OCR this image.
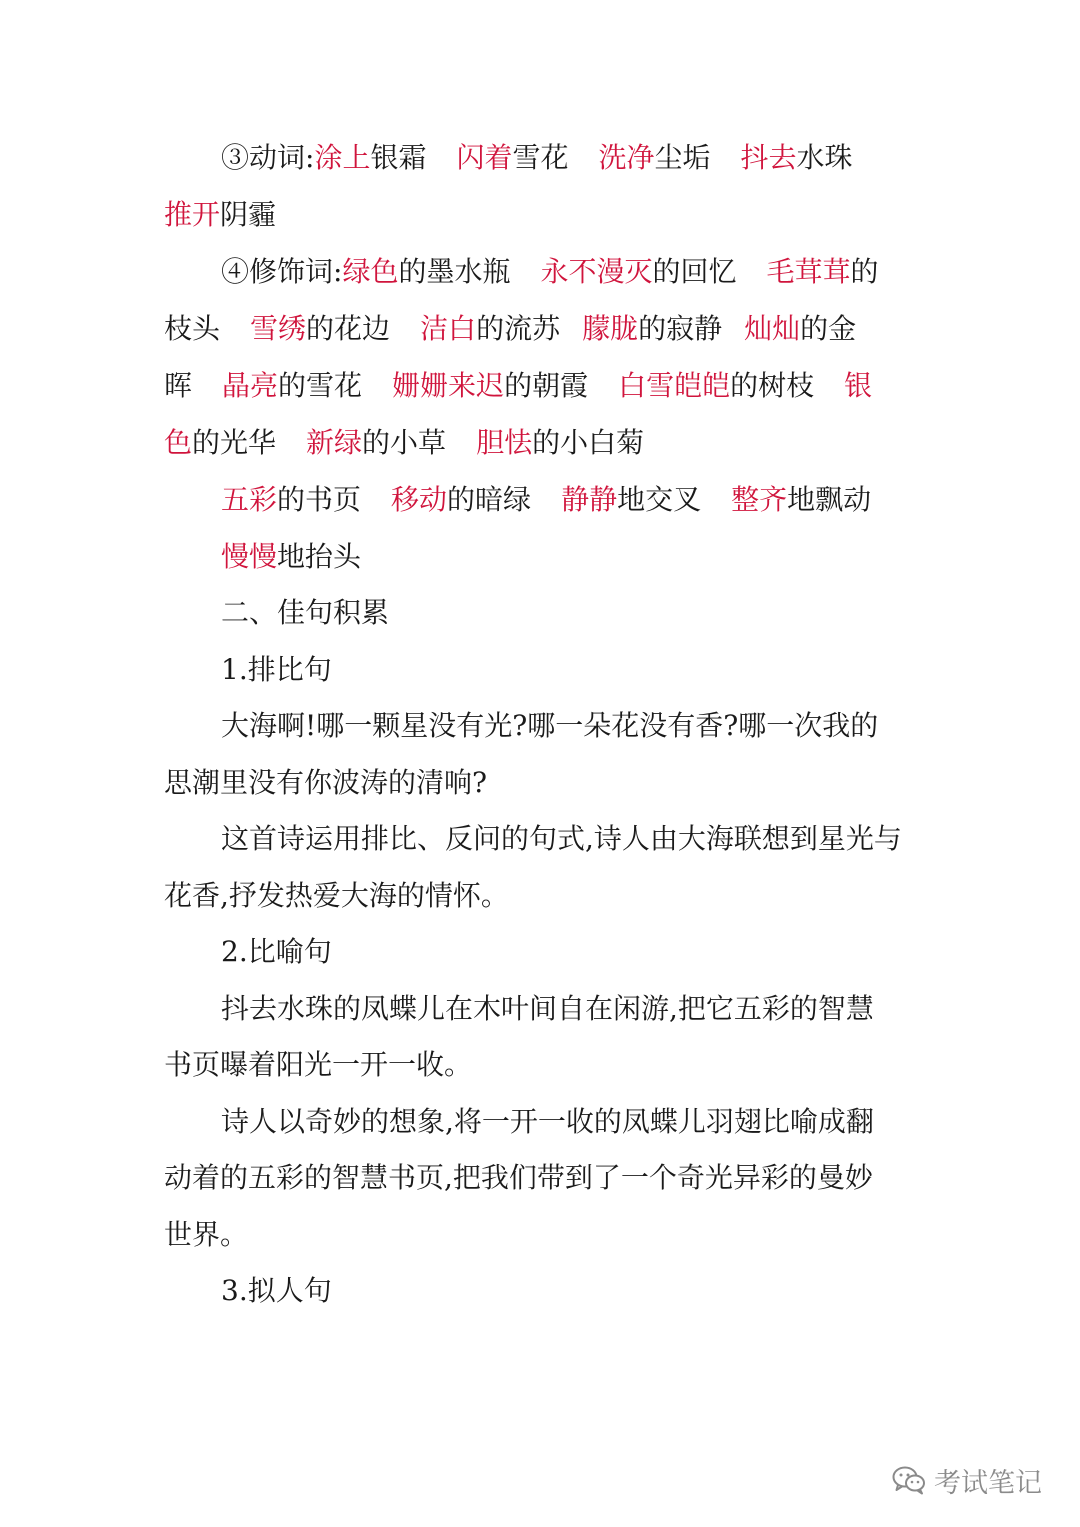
③动词:涂上银霜 闪着雪花 洗净尘垢 抖去水珠
推开阴霾
④修饰词:绿色的墨水瓶 永不漫灭的回忆 毛茸茸的
枝头 雪绣的花边 洁白的流苏 朦胧的寂静 灿灿的金
晖 晶亮的雪花 姗姗来迟的朝霞 白雪皑皑的树枝 银
色的光华 新绿的小草 胆怯的小白菊
五彩的书页 移动的暗绿 静静地交叉 整齐地飘动
慢慢地抬头
二、佳句积累
1.排比句
大海啊!哪一颗星没有光?哪一朵花没有香?哪一次我的
思潮里没有你波涛的清响?
这首诗运用排比、反问的句式,诗人由大海联想到星光与
花香,抒发热爱大海的情怀。
2.比喻句
抖去水珠的凤蝶儿在木叶间自在闲游,把它五彩的智慧
书页曝着阳光一开一收。
诗人以奇妙的想象,将一开一收的凤蝶儿羽翅比喻成翻
动着的五彩的智慧书页,把我们带到了一个奇光异彩的曼妙
世界。
3.拟人句
考试笔记
